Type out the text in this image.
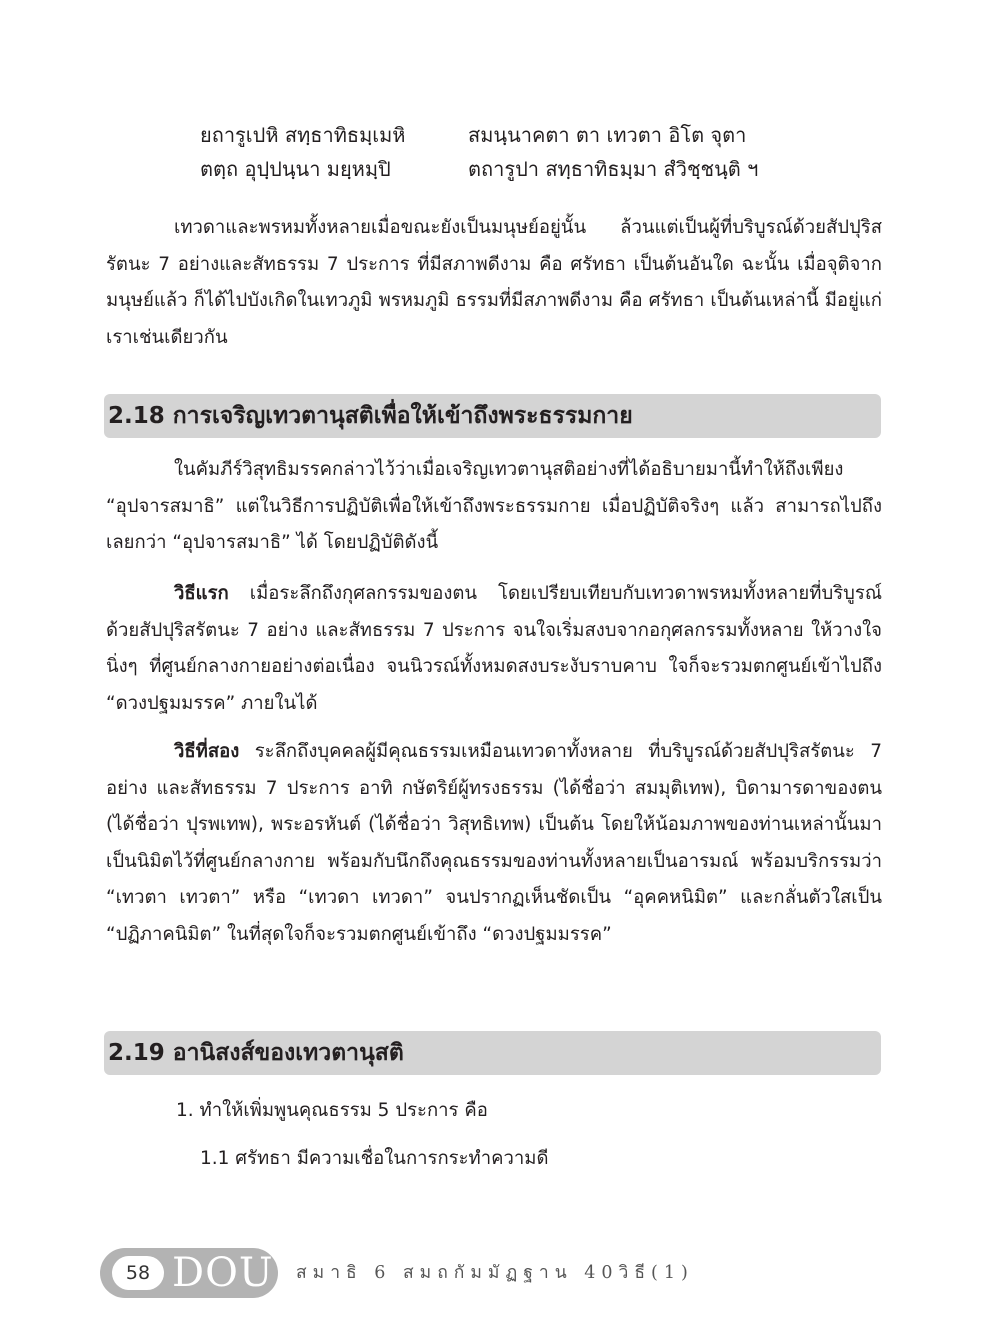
ยถารูเปหิ สทฺธาทิธมฺเมหิ	สมนฺนาคตา ตา เทวตา อิโต จุตา
ตตฺถ อุปฺปนฺนา มยฺหมฺปิ	ตถารูปา สทฺธาทิธมฺมา สํวิชฺชนฺติ ฯ

เทวดาและพรหมทั้งหลายเมื่อขณะยังเป็นมนุษย์อยู่นั้น ล้วนแต่เป็นผู้ที่บริบูรณ์ด้วยสัปปุริสรัตนะ 7 อย่างและสัทธรรม 7 ประการ ที่มีสภาพดีงาม คือ ศรัทธา เป็นต้นอันใด ฉะนั้น เมื่อจุติจากมนุษย์แล้ว ก็ได้ไปบังเกิดในเทวภูมิ พรหมภูมิ ธรรมที่มีสภาพดีงาม คือ ศรัทธา เป็นต้นเหล่านี้ มีอยู่แก่เราเช่นเดียวกัน

2.18 การเจริญเทวตานุสติเพื่อให้เข้าถึงพระธรรมกาย

ในคัมภีร์วิสุทธิมรรคกล่าวไว้ว่าเมื่อเจริญเทวตานุสติอย่างที่ได้อธิบายมานี้ทำให้ถึงเพียง “อุปจารสมาธิ” แต่ในวิธีการปฏิบัติเพื่อให้เข้าถึงพระธรรมกาย เมื่อปฏิบัติจริงๆ แล้ว สามารถไปถึงเลยกว่า “อุปจารสมาธิ” ได้ โดยปฏิบัติดังนี้

วิธีแรก เมื่อระลึกถึงกุศลกรรมของตน โดยเปรียบเทียบกับเทวดาพรหมทั้งหลายที่บริบูรณ์ด้วยสัปปุริสรัตนะ 7 อย่าง และสัทธรรม 7 ประการ จนใจเริ่มสงบจากอกุศลกรรมทั้งหลาย ให้วางใจนิ่งๆ ที่ศูนย์กลางกายอย่างต่อเนื่อง จนนิวรณ์ทั้งหมดสงบระงับราบคาบ ใจก็จะรวมตกศูนย์เข้าไปถึง “ดวงปฐมมรรค” ภายในได้

วิธีที่สอง ระลึกถึงบุคคลผู้มีคุณธรรมเหมือนเทวดาทั้งหลาย ที่บริบูรณ์ด้วยสัปปุริสรัตนะ 7 อย่าง และสัทธรรม 7 ประการ อาทิ กษัตริย์ผู้ทรงธรรม (ได้ชื่อว่า สมมุติเทพ), บิดามารดาของตน (ได้ชื่อว่า ปุรพเทพ), พระอรหันต์ (ได้ชื่อว่า วิสุทธิเทพ) เป็นต้น โดยให้น้อมภาพของท่านเหล่านั้นมาเป็นนิมิตไว้ที่ศูนย์กลางกาย พร้อมกับนึกถึงคุณธรรมของท่านทั้งหลายเป็นอารมณ์ พร้อมบริกรรมว่า “เทวตา เทวตา” หรือ “เทวดา เทวดา” จนปรากฏเห็นชัดเป็น “อุคคหนิมิต” และกลั่นตัวใสเป็น “ปฏิภาคนิมิต” ในที่สุดใจก็จะรวมตกศูนย์เข้าถึง “ดวงปฐมมรรค”

2.19 อานิสงส์ของเทวตานุสติ
1. ทำให้เพิ่มพูนคุณธรรม 5 ประการ คือ
1.1 ศรัทธา มีความเชื่อในการกระทำความดี
58 DOU สมาธิ 6 สมถกัมมัฏฐาน 40วิธี(1)
